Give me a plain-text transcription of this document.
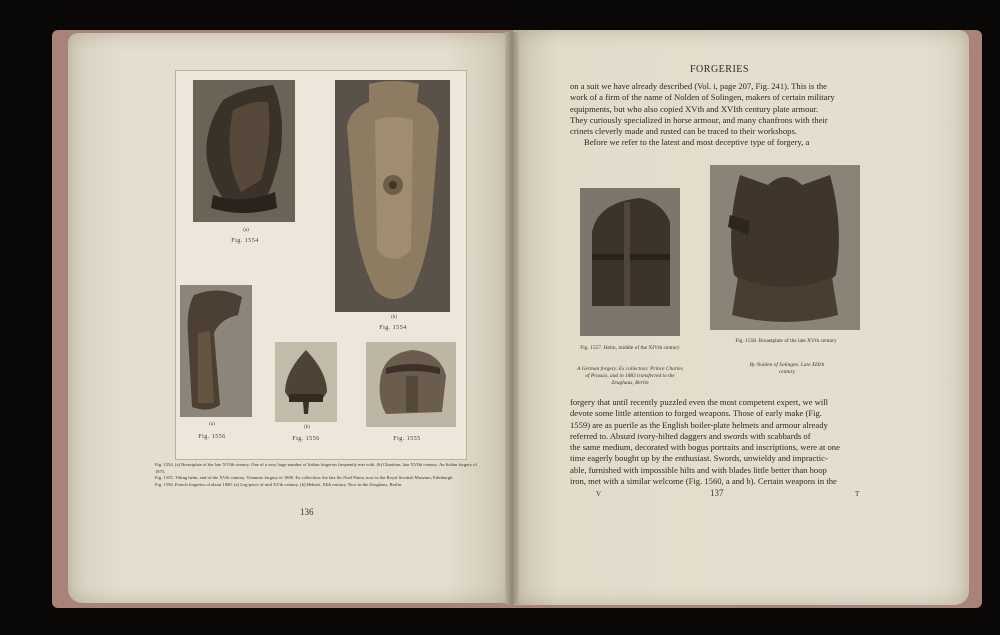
(a)
Fig. 1554
(b)
Fig. 1554
(a)
Fig. 1556
(b)
Fig. 1556	Fig. 1555

Fig. 1554. (a) Breastplate of the late XVIth century. One of a very large number of Italian forgeries frequently met with. (b) Chanfron, late XVIth century. An Italian forgery of 1875.

Fig. 1555. Tilting helm, end of the XVth century. Viennese forgery of 1800. Ex collection: the late Sir Noel Paton, now in the Royal Scottish Museum, Edinburgh.

Fig. 1556. French forgeries of about 1900. (a) Leg-piece of mid XVth century. (b) Helmet, XIth century. Now in the Zeughaus, Berlin.

136
FORGERIES
on a suit we have already described (Vol. i, page 207, Fig. 241). This is the
work of a firm of the name of Nolden of Solingen, makers of certain military
equipments, but who also copied XVth and XVIth century plate armour.
They curiously specialized in horse armour, and many chanfrons with their
crinets cleverly made and rusted can be traced to their workshops.
Before we refer to the latest and most deceptive type of forgery, a
Fig. 1557. Helm, middle of the XIVth century
A German forgery. Ex collection: Prince Charles of Prussia, and in 1883 transferred to the Zeughaus, Berlin
Fig. 1558. Breastplate of the late XVth century
By Nolden of Solingen. Late XIXth century
forgery that until recently puzzled even the most competent expert, we will
devote some little attention to forged weapons. Those of early make (Fig.
1559) are as puerile as the English boiler-plate helmets and armour already
referred to. Absurd ivory-hilted daggers and swords with scabbards of
the same medium, decorated with bogus portraits and inscriptions, were at one
time eagerly bought up by the enthusiast. Swords, unwieldy and impractic-
able, furnished with impossible hilts and with blades little better than hoop
iron, met with a similar welcome (Fig. 1560, a and b). Certain weapons in the
V	137	T
